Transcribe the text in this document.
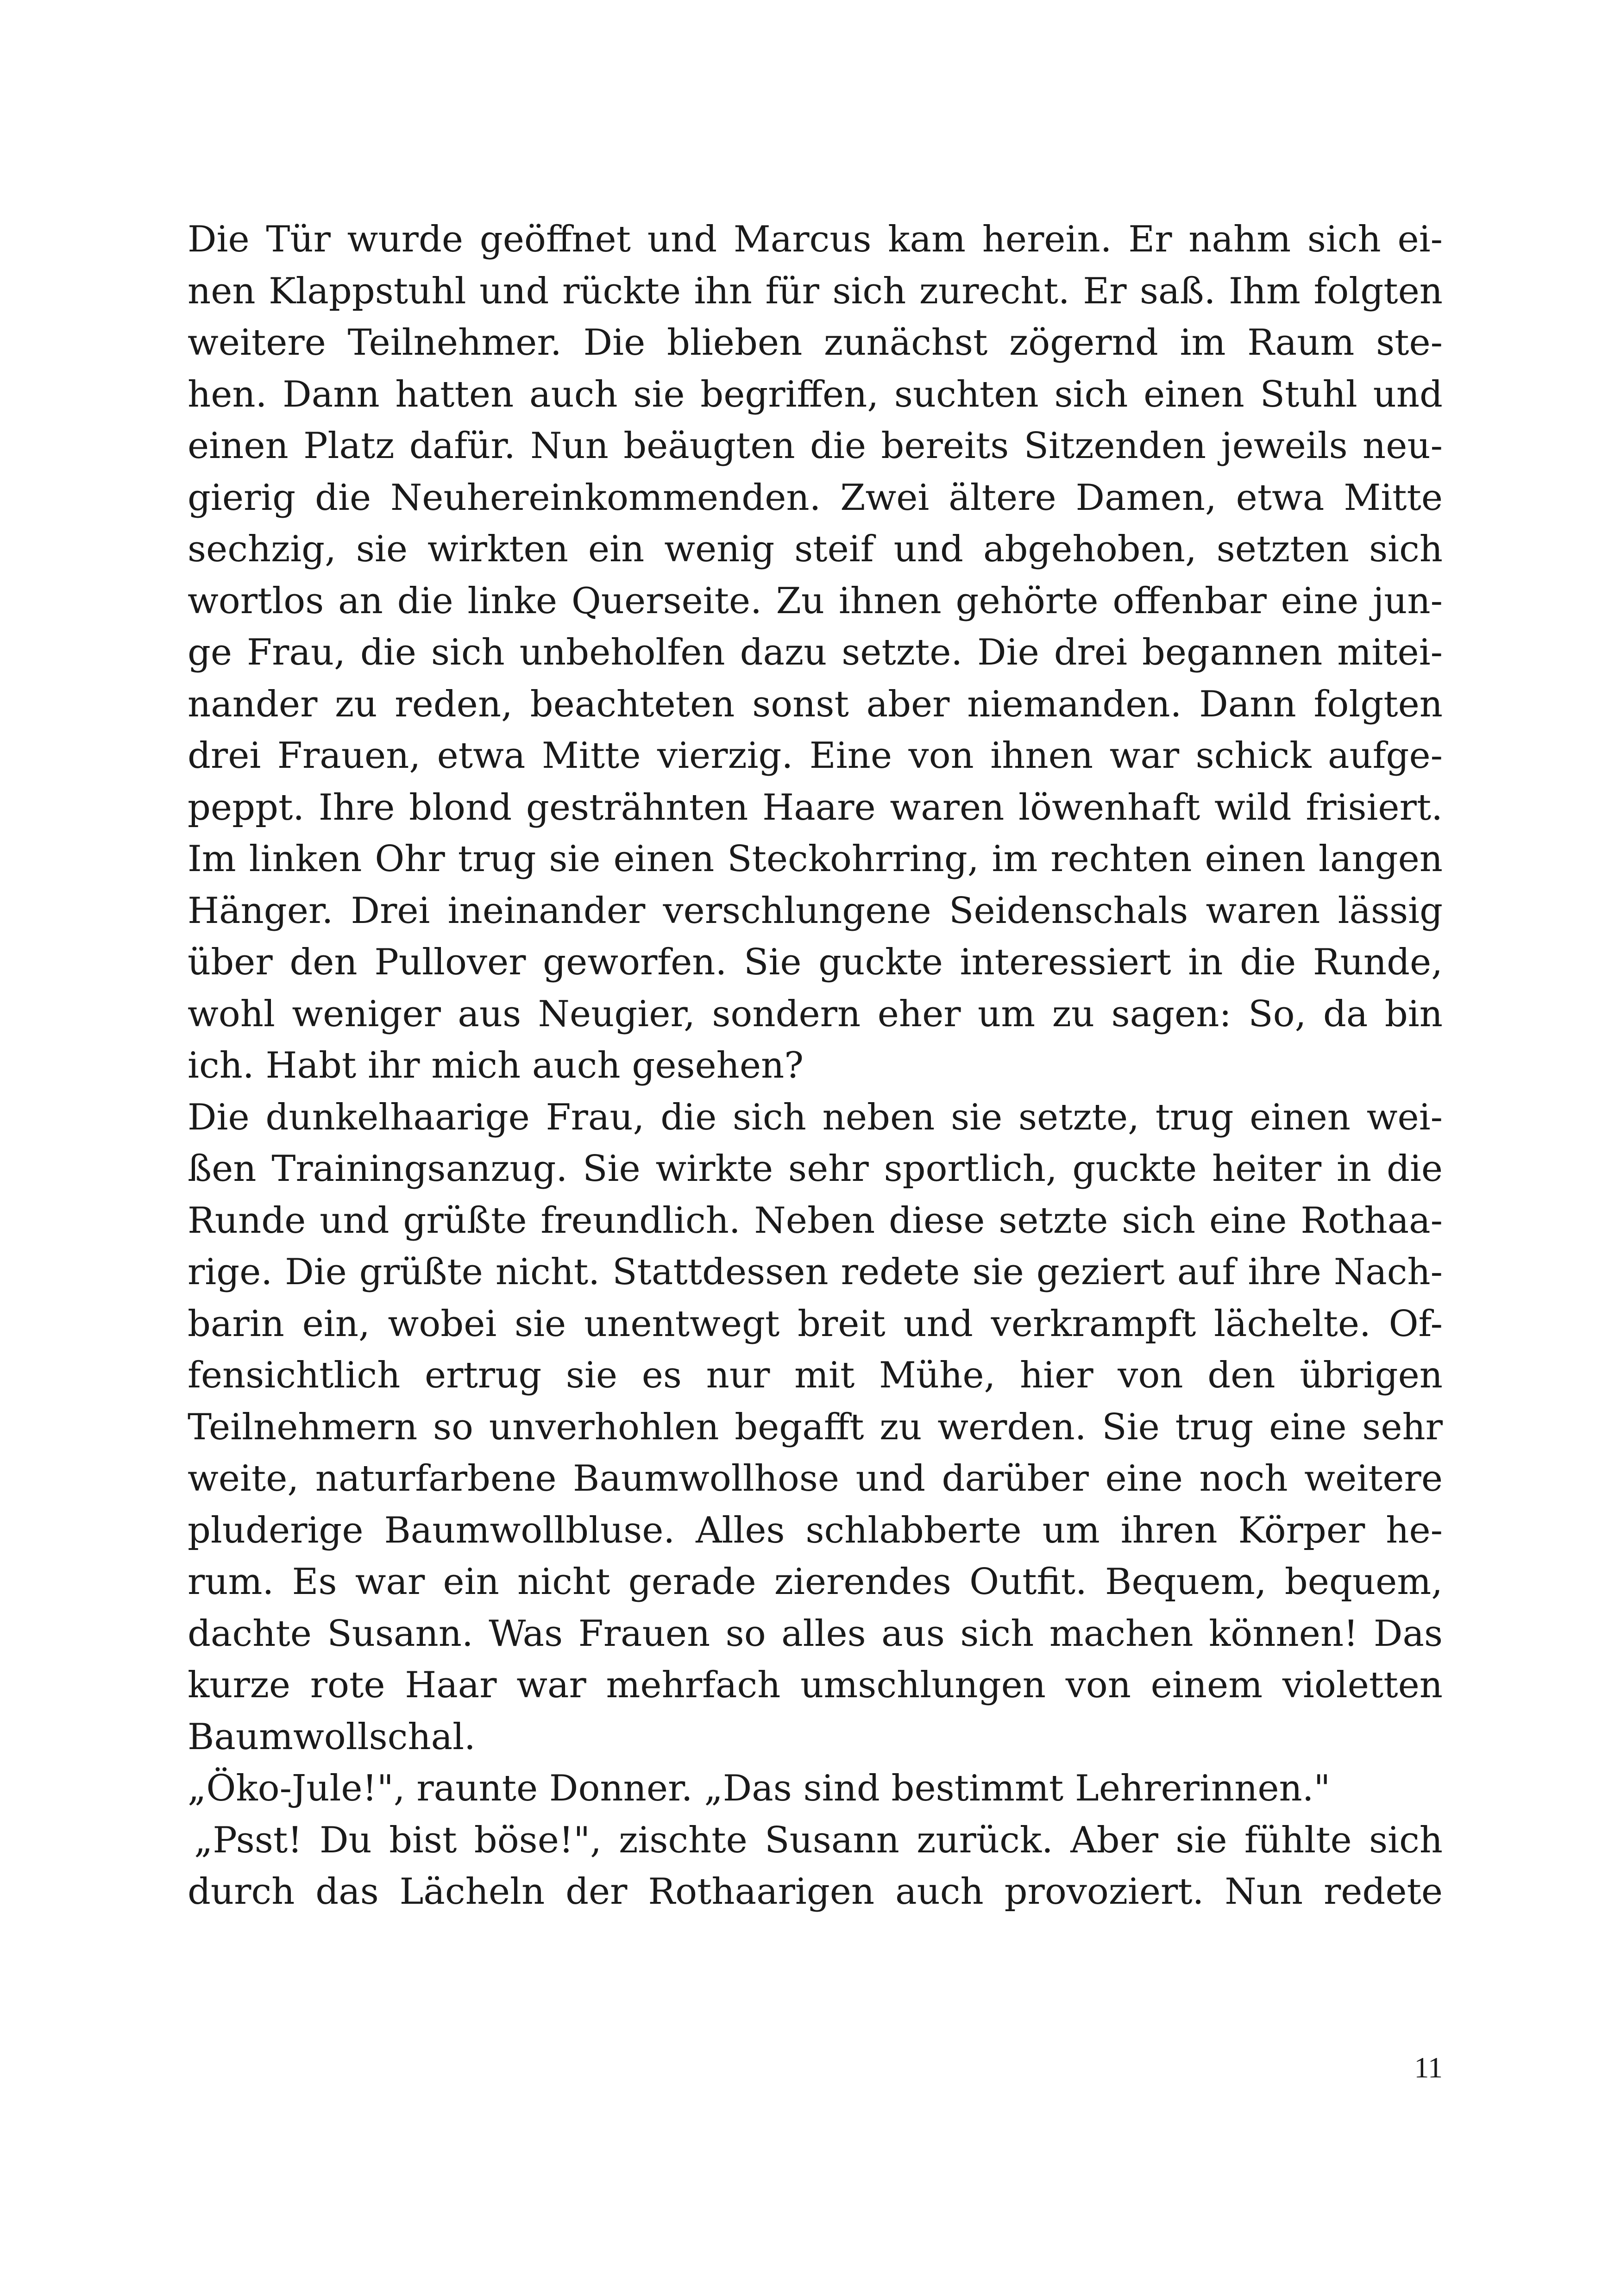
Die Tür wurde geöffnet und Marcus kam herein. Er nahm sich ei-
nen Klappstuhl und rückte ihn für sich zurecht. Er saß. Ihm folgten
weitere Teilnehmer. Die blieben zunächst zögernd im Raum ste-
hen. Dann hatten auch sie begriffen, suchten sich einen Stuhl und
einen Platz dafür. Nun beäugten die bereits Sitzenden jeweils neu-
gierig die Neuhereinkommenden. Zwei ältere Damen, etwa Mitte
sechzig, sie wirkten ein wenig steif und abgehoben, setzten sich
wortlos an die linke Querseite. Zu ihnen gehörte offenbar eine jun-
ge Frau, die sich unbeholfen dazu setzte. Die drei begannen mitei-
nander zu reden, beachteten sonst aber niemanden. Dann folgten
drei Frauen, etwa Mitte vierzig. Eine von ihnen war schick aufge-
peppt. Ihre blond gesträhnten Haare waren löwenhaft wild frisiert.
Im linken Ohr trug sie einen Steckohrring, im rechten einen langen
Hänger. Drei ineinander verschlungene Seidenschals waren lässig
über den Pullover geworfen. Sie guckte interessiert in die Runde,
wohl weniger aus Neugier, sondern eher um zu sagen: So, da bin
ich. Habt ihr mich auch gesehen?
Die dunkelhaarige Frau, die sich neben sie setzte, trug einen wei-
ßen Trainingsanzug. Sie wirkte sehr sportlich, guckte heiter in die
Runde und grüßte freundlich. Neben diese setzte sich eine Rothaa-
rige. Die grüßte nicht. Stattdessen redete sie geziert auf ihre Nach-
barin ein, wobei sie unentwegt breit und verkrampft lächelte. Of-
fensichtlich ertrug sie es nur mit Mühe, hier von den übrigen
Teilnehmern so unverhohlen begafft zu werden. Sie trug eine sehr
weite, naturfarbene Baumwollhose und darüber eine noch weitere
pluderige Baumwollbluse. Alles schlabberte um ihren Körper he-
rum. Es war ein nicht gerade zierendes Outfit. Bequem, bequem,
dachte Susann. Was Frauen so alles aus sich machen können! Das
kurze rote Haar war mehrfach umschlungen von einem violetten
Baumwollschal.
„Öko-Jule!", raunte Donner. „Das sind bestimmt Lehrerinnen."
„Psst! Du bist böse!", zischte Susann zurück. Aber sie fühlte sich
durch das Lächeln der Rothaarigen auch provoziert. Nun redete
11
